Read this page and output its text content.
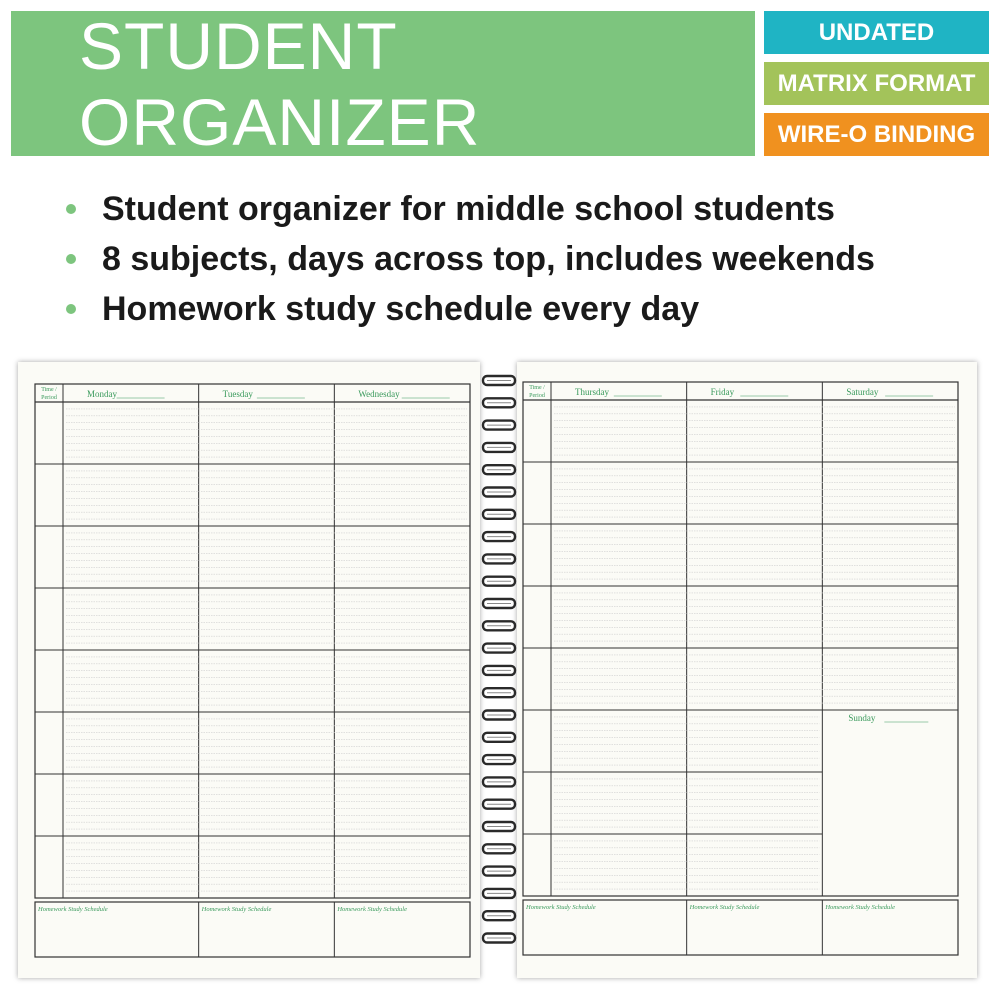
STUDENT ORGANIZER
UNDATED
MATRIX FORMAT
WIRE-O BINDING
Student organizer for middle school students
8 subjects, days across top, includes weekends
Homework study schedule every day
Time /
Period	Monday	Tuesday	Wednesday
Homework Study Schedule	Homework Study Schedule	Homework Study Schedule
Time /
Period	Thursday	Friday	Saturday
Sunday
Homework Study Schedule	Homework Study Schedule	Homework Study Schedule
